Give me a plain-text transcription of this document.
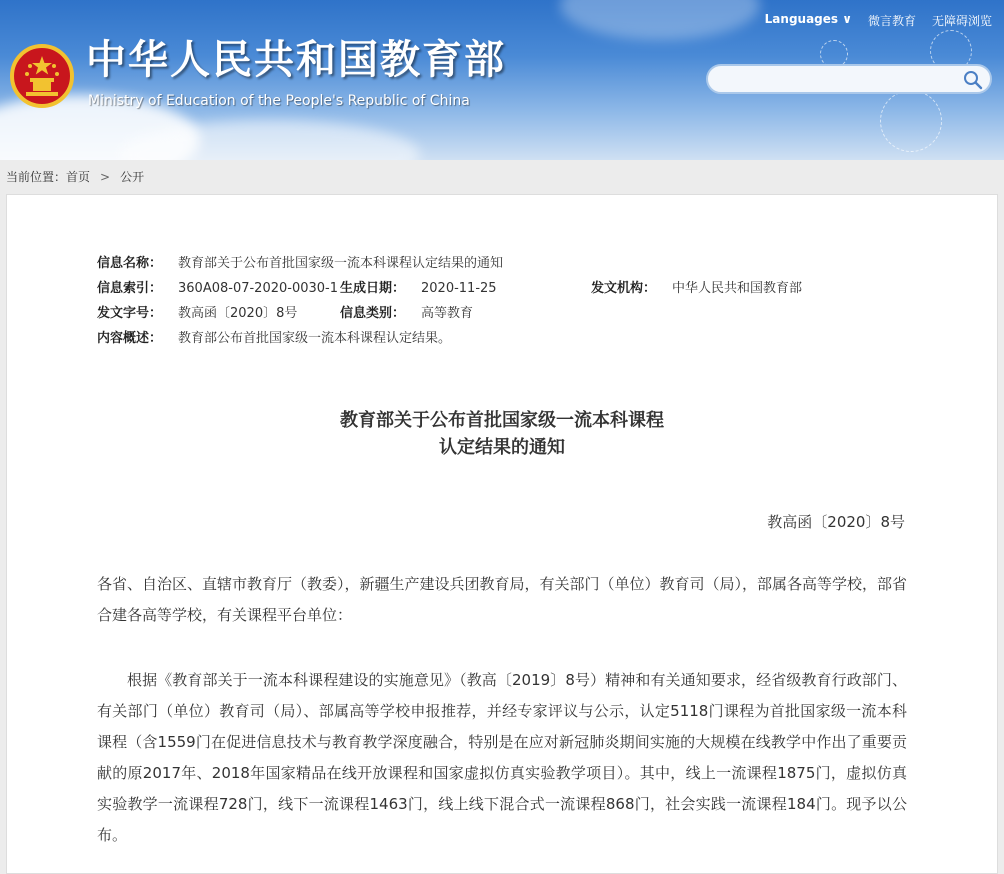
中华人民共和国教育部
Ministry of Education of the People's Republic of China
Languages ∨ 微言教育 无障碍浏览
当前位置：首页 > 公开
信息名称： 教育部关于公布首批国家级一流本科课程认定结果的通知
信息索引： 360A08-07-2020-0030-1 生成日期： 2020-11-25	发文机构： 中华人民共和国教育部
发文字号： 教高函〔2020〕8号	信息类别： 高等教育
内容概述： 教育部公布首批国家级一流本科课程认定结果。
教育部关于公布首批国家级一流本科课程
认定结果的通知
教高函〔2020〕8号
各省、自治区、直辖市教育厅（教委），新疆生产建设兵团教育局，有关部门（单位）教育司（局），部属各高等学校，部省合建各高等学校，有关课程平台单位：
根据《教育部关于一流本科课程建设的实施意见》（教高〔2019〕8号）精神和有关通知要求，经省级教育行政部门、有关部门（单位）教育司（局）、部属高等学校申报推荐，并经专家评议与公示，认定5118门课程为首批国家级一流本科课程（含1559门在促进信息技术与教育教学深度融合，特别是在应对新冠肺炎期间实施的大规模在线教学中作出了重要贡献的原2017年、2018年国家精品在线开放课程和国家虚拟仿真实验教学项目）。其中，线上一流课程1875门，虚拟仿真实验教学一流课程728门，线下一流课程1463门，线上线下混合式一流课程868门，社会实践一流课程184门。现予以公布。
